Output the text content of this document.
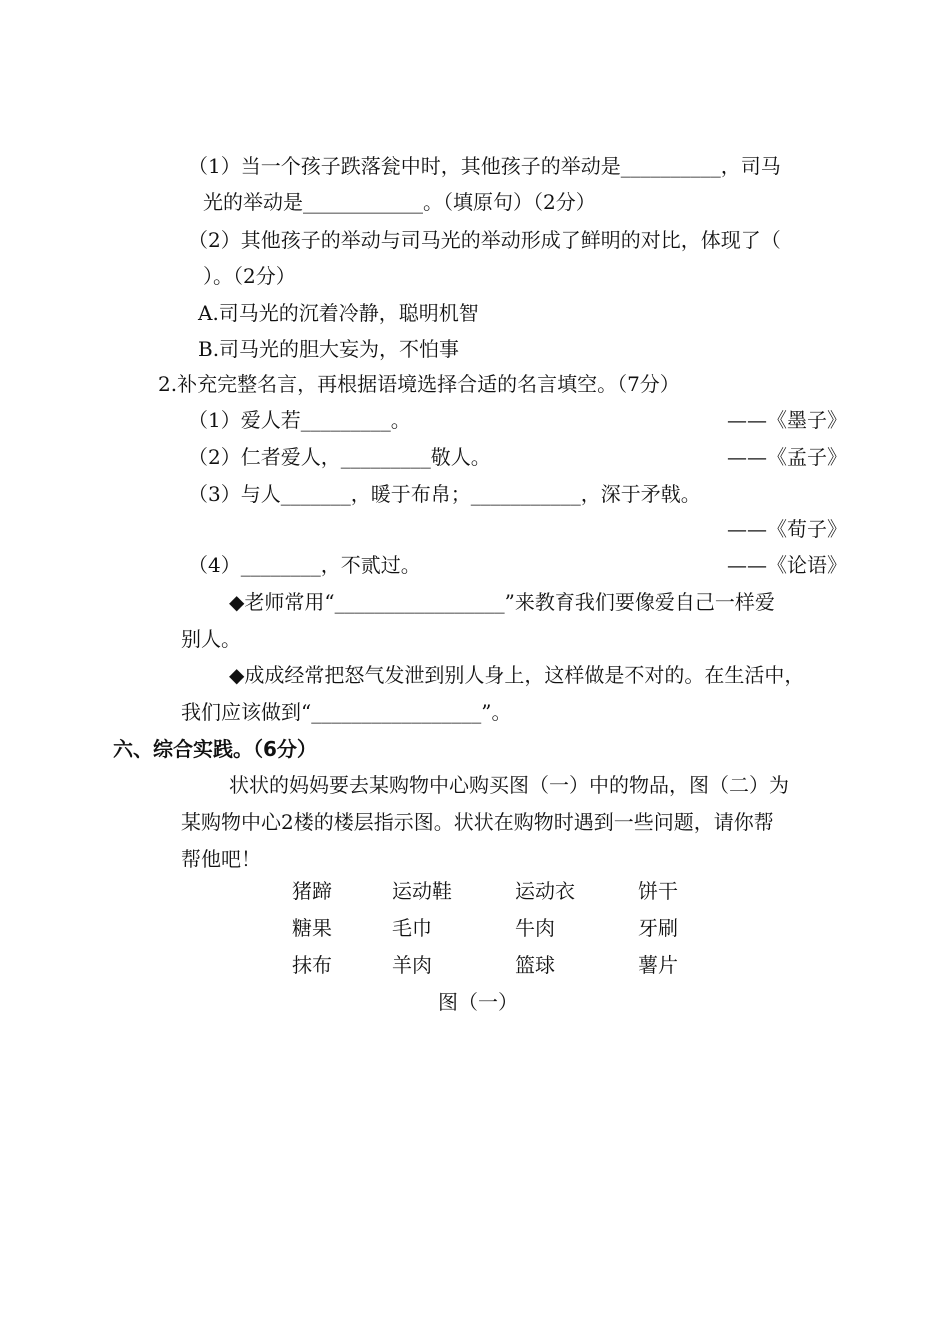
（1）当一个孩子跌落瓮中时，其他孩子的举动是__________，司马
光的举动是____________。（填原句）（2分）
（2）其他孩子的举动与司马光的举动形成了鲜明的对比，体现了（
）。（2分）
A.司马光的沉着冷静，聪明机智
B.司马光的胆大妄为，不怕事
2.补充完整名言，再根据语境选择合适的名言填空。（7分）
（1）爱人若_________。	——《墨子》
（2）仁者爱人，_________敬人。	——《孟子》
（3）与人_______，暖于布帛；___________，深于矛戟。
——《荀子》
（4）________，不贰过。	——《论语》
◆老师常用“_________________”来教育我们要像爱自己一样爱
别人。
◆成成经常把怒气发泄到别人身上，这样做是不对的。在生活中，
我们应该做到“_________________”。
六、综合实践。（6分）
状状的妈妈要去某购物中心购买图（一）中的物品，图（二）为
某购物中心2楼的楼层指示图。状状在购物时遇到一些问题，请你帮
帮他吧！
猪蹄	运动鞋	运动衣	饼干
糖果	毛巾	牛肉	牙刷
抹布	羊肉	篮球	薯片
图（一）
